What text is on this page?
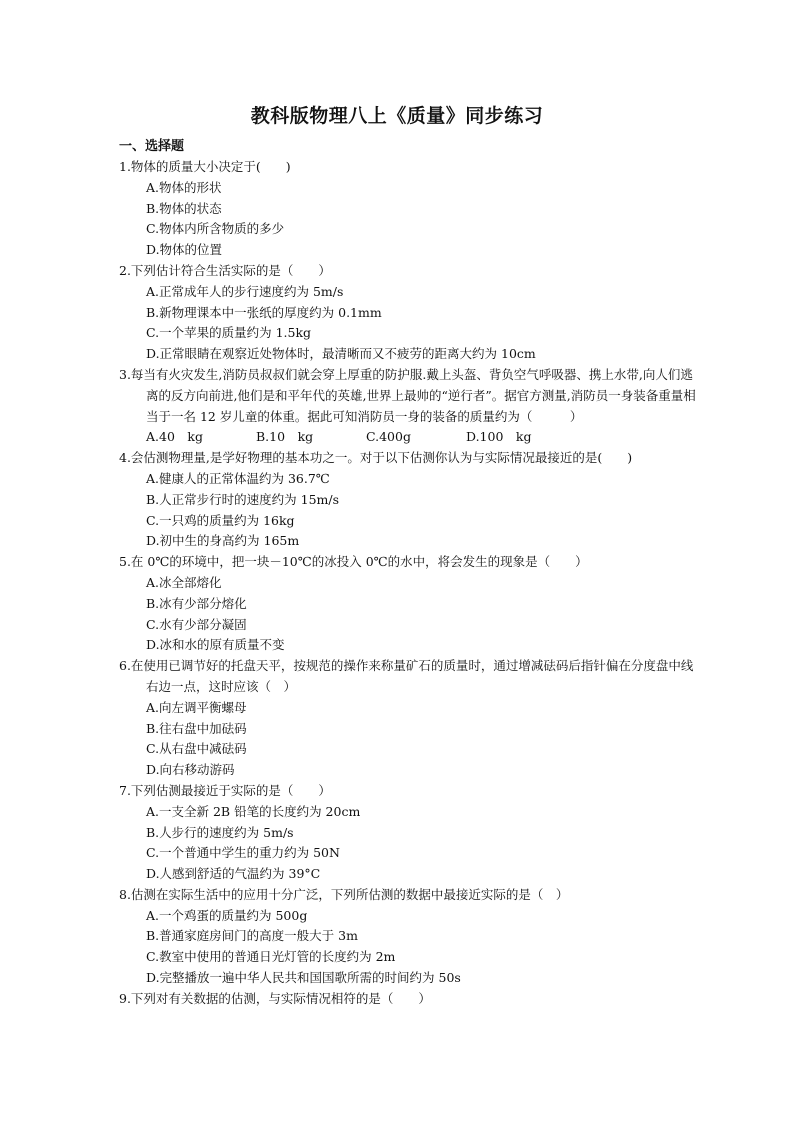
教科版物理八上《质量》同步练习
一、选择题
1.物体的质量大小决定于(　　)
A.物体的形状
B.物体的状态
C.物体内所含物质的多少
D.物体的位置
2.下列估计符合生活实际的是（　　）
A.正常成年人的步行速度约为 5m/s
B.新物理课本中一张纸的厚度约为 0.1mm
C.一个苹果的质量约为 1.5kg
D.正常眼睛在观察近处物体时，最清晰而又不疲劳的距离大约为 10cm
3.每当有火灾发生,消防员叔叔们就会穿上厚重的防护服.戴上头盔、背负空气呼吸器、携上水带,向人们逃离的反方向前进,他们是和平年代的英雄,世界上最帅的“逆行者”。据官方测量,消防员一身装备重量相当于一名 12 岁儿童的体重。据此可知消防员一身的装备的质量约为（　　　）
A.40　kg	B.10　kg	C.400g	D.100　kg
4.会估测物理量,是学好物理的基本功之一。对于以下估测你认为与实际情况最接近的是(　　)
A.健康人的正常体温约为 36.7℃
B.人正常步行时的速度约为 15m/s
C.一只鸡的质量约为 16kg
D.初中生的身高约为 165m
5.在 0℃的环境中，把一块－10℃的冰投入 0℃的水中，将会发生的现象是（　　）
A.冰全部熔化
B.冰有少部分熔化
C.水有少部分凝固
D.冰和水的原有质量不变
6.在使用已调节好的托盘天平，按规范的操作来称量矿石的质量时，通过增减砝码后指针偏在分度盘中线右边一点，这时应该（　）
A.向左调平衡螺母
B.往右盘中加砝码
C.从右盘中减砝码
D.向右移动游码
7.下列估测最接近于实际的是（　　）
A.一支全新 2B 铅笔的长度约为 20cm
B.人步行的速度约为 5m/s
C.一个普通中学生的重力约为 50N
D.人感到舒适的气温约为 39°C
8.估测在实际生活中的应用十分广泛，下列所估测的数据中最接近实际的是（　）
A.一个鸡蛋的质量约为 500g
B.普通家庭房间门的高度一般大于 3m
C.教室中使用的普通日光灯管的长度约为 2m
D.完整播放一遍中华人民共和国国歌所需的时间约为 50s
9.下列对有关数据的估测，与实际情况相符的是（　　）
